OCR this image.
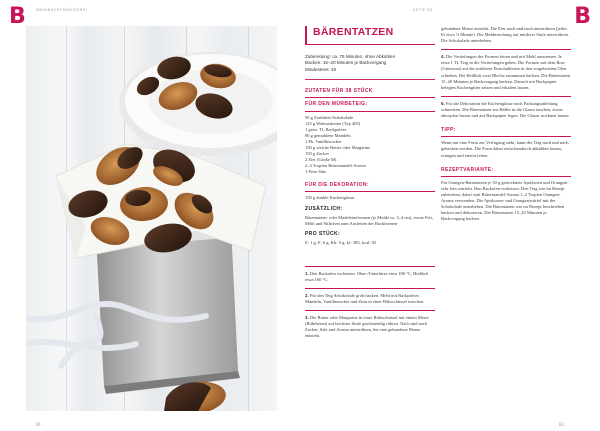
B	B
WEIHNACHTSBÄCKEREI	SEITE 82
BÄRENTATZEN
Zubereitung: ca. 75 Minuten, ohne Abkühlen
Backen: 15–20 Minuten je Backvorgang
Mindestens: 40
ZUTATEN FÜR 38 STÜCK
FÜR DEN MÜRBETEIG:
50 g Zartbitter-Schokolade
125 g Walnusskerne (Typ 405)
1 gestr. TL Backpulver
80 g gemahlene Mandeln
1 Pk. Vanillinzucker
150 g weiche Butter oder Margarine
150 g Zucker
2 Eier (Größe M)
2–3 Tropfen Bittermandel-Aroma
1 Prise Salz
FÜR DIE DEKORATION:
150 g dunkle Kuchenglasur
ZUSÄTZLICH:
Bärentatzen- oder Madeleineformen (je Mulde ca. 3–4 cm), etwas Fett, Mehl und Stiftchen zum Ausfetten der Backformen
PRO STÜCK:
E: 1 g, F: 6 g, Kh: 9 g, kJ: 385, kcal: 92
1. Den Backofen vorheizen. Ober-/Unterhitze etwa 180 °C, Heißluft etwa 160 °C.
2. Für den Teig Schokolade grob hacken. Mehl mit Backpulver, Mandeln, Vanillinzucker und Zimt in einer Rührschüssel mischen.
3. Die Butter oder Margarine in einer Rührschüssel mit einem Mixer (Rührbesen) auf höchster Stufe geschmeidig rühren. Nach und nach Zucker, Salz und Aroma unterrühren, bis eine gebundene Masse entsteht.
gebundene Masse entsteht. Die Eier nach und nach unterrühren (jedes Ei etwa ½ Minute). Die Mehlmischung auf mittlerer Stufe unterrühren. Die Schokolade unterheben.
4. Die Vertiefungen der Formen fetten und mit Mehl ausstreuen. Je etwa 1 TL Teig in die Vertiefungen geben. Die Formen auf dem Rost (Gitterrost) auf der mittleren Einschubleiste in den vorgeheizten Ofen schieben. Bei Heißluft zwei Bleche zusammen backen. Die Bärentatzen 15–20 Minuten je Backvorgang backen. Danach mit Backpapier belegtes Kuchengitter setzen und erkalten lassen.
5. Für die Dekoration die Kuchenglasur nach Packungsanleitung schmelzen. Die Bärentatzen zur Hälfte in die Glasur tauchen, etwas abtropfen lassen und auf Backpapier legen. Die Glasur trocknen lassen.
TIPP:
Wenn nur eine Form zur Verfügung steht, kann der Teig nach und nach gebacken werden. Die Form dabei zwischendurch abkühlen lassen, reinigen und erneut fetten.
REZEPTVARIANTE:
Für Orangen-Bärentatzen je 50 g getrocknete Aprikosen und Orangeat sehr fein würfeln. Den Backofen vorheizen. Den Teig wie im Rezept zubereiten, dabei statt Bittermandel-Aroma 1–2 Tropfen Orangen-Aroma verwenden. Die Aprikosen- und Orangeatwürfel mit der Schokolade unterheben. Die Bärentatzen wie im Rezept beschrieben backen und dekorieren. Die Bärentatzen 15–20 Minuten je Backvorgang backen.
81	82
